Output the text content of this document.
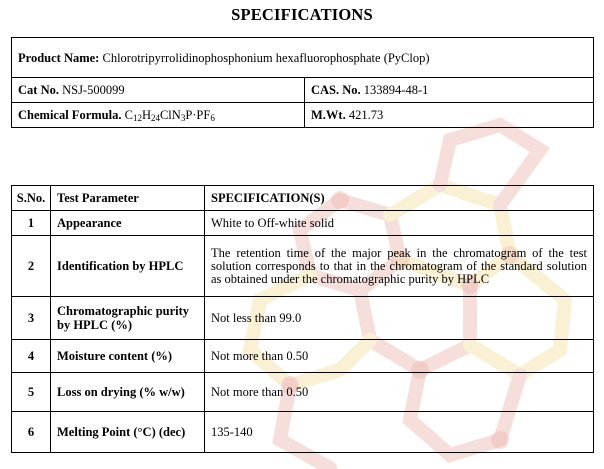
SPECIFICATIONS
Product Name: Chlorotripyrrolidinophosphonium hexafluorophosphate (PyClop)	
Cat No. NSJ-500099	CAS. No. 133894-48-1
Chemical Formula. $C_{12}H_{24}ClN_3P\cdot PF_6$	M.Wt. 421.73
S.No.	Test Parameter	SPECIFICATION(S)
1	Appearance	White to Off-white solid
2	Identification by HPLC	The retention time of the major peak in the chromatogram of the test solution corresponds to that in the chromatogram of the standard solution as obtained under the chromatographic purity by HPLC
3	Chromatographic purity by HPLC (%)	Not less than 99.0
4	Moisture content (%)	Not more than 0.50
5	Loss on drying (% w/w)	Not more than 0.50
6	Melting Point (°C) (dec)	135-140
